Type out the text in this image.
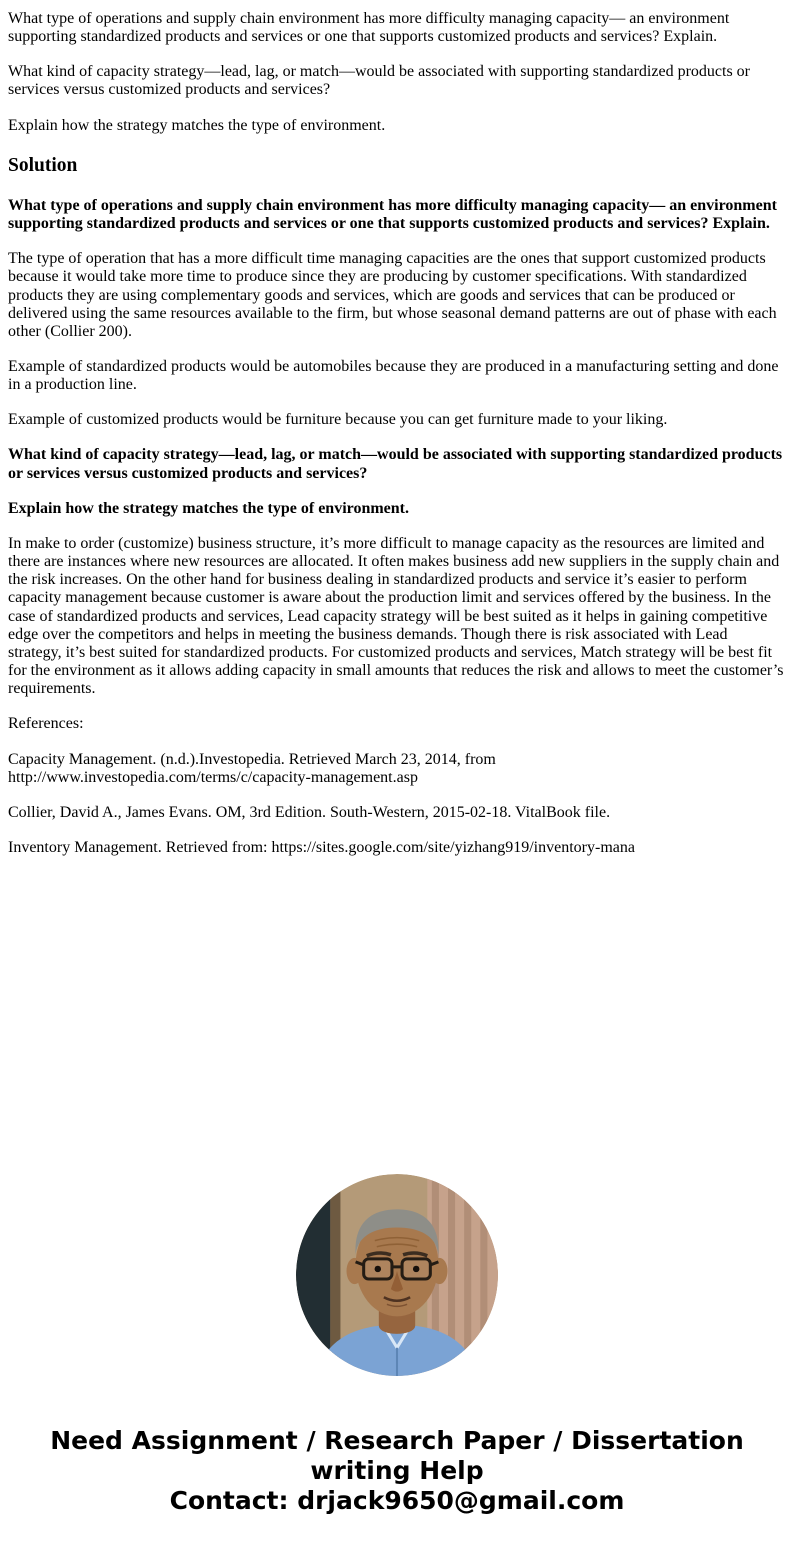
What type of operations and supply chain environment has more difficulty managing capacity— an environment supporting standardized products and services or one that supports customized products and services? Explain.

What kind of capacity strategy—lead, lag, or match—would be associated with supporting standardized products or services versus customized products and services?

Explain how the strategy matches the type of environment.

Solution

What type of operations and supply chain environment has more difficulty managing capacity— an environment supporting standardized products and services or one that supports customized products and services? Explain.

The type of operation that has a more difficult time managing capacities are the ones that support customized products because it would take more time to produce since they are producing by customer specifications. With standardized products they are using complementary goods and services, which are goods and services that can be produced or delivered using the same resources available to the firm, but whose seasonal demand patterns are out of phase with each other (Collier 200).

Example of standardized products would be automobiles because they are produced in a manufacturing setting and done in a production line.

Example of customized products would be furniture because you can get furniture made to your liking.

What kind of capacity strategy—lead, lag, or match—would be associated with supporting standardized products or services versus customized products and services?

Explain how the strategy matches the type of environment.

In make to order (customize) business structure, it’s more difficult to manage capacity as the resources are limited and there are instances where new resources are allocated. It often makes business add new suppliers in the supply chain and the risk increases. On the other hand for business dealing in standardized products and service it’s easier to perform capacity management because customer is aware about the production limit and services offered by the business. In the case of standardized products and services, Lead capacity strategy will be best suited as it helps in gaining competitive edge over the competitors and helps in meeting the business demands. Though there is risk associated with Lead strategy, it’s best suited for standardized products. For customized products and services, Match strategy will be best fit for the environment as it allows adding capacity in small amounts that reduces the risk and allows to meet the customer’s requirements.

References:

Capacity Management. (n.d.).Investopedia. Retrieved March 23, 2014, from http://www.investopedia.com/terms/c/capacity-management.asp

Collier, David A., James Evans. OM, 3rd Edition. South-Western, 2015-02-18. VitalBook file.

Inventory Management. Retrieved from: https://sites.google.com/site/yizhang919/inventory-mana

Need Assignment / Research Paper / Dissertation
writing Help
Contact: drjack9650@gmail.com
